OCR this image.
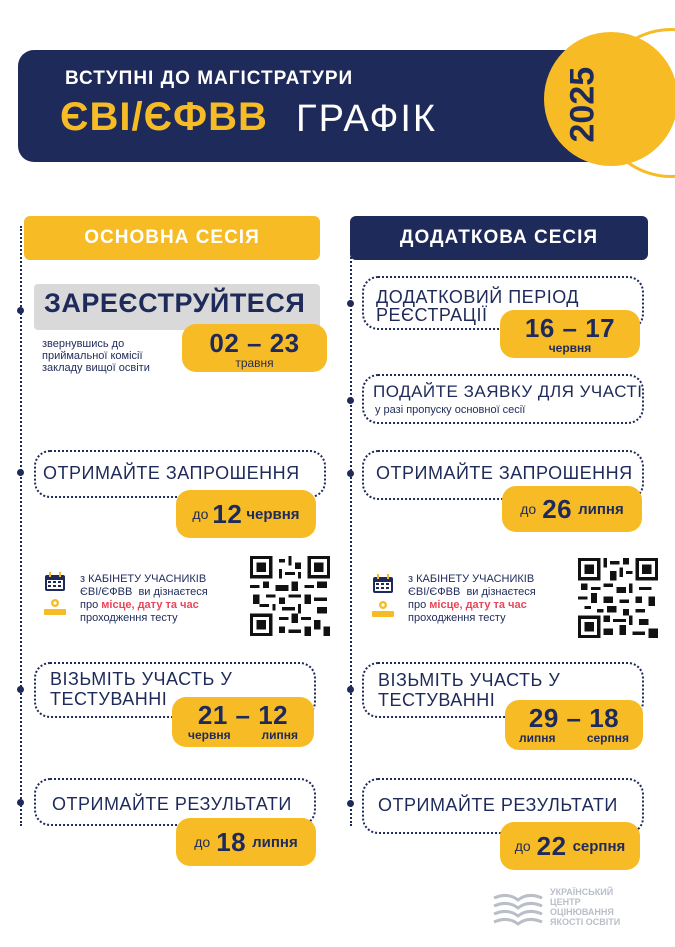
ВСТУПНІ ДО МАГІСТРАТУРИ
ЄВІ/ЄФВВ ГРАФІК	2025
ОСНОВНА СЕСІЯ	ДОДАТКОВА СЕСІЯ
ЗАРЕЄСТРУЙТЕСЯ
звернувшись до приймальної комісії закладу вищої освіти
02 – 23
травня
ОТРИМАЙТЕ ЗАПРОШЕННЯ
до 12 червня
з КАБІНЕТУ УЧАСНИКІВ
ЄВІ/ЄФВВ ви дізнаєтеся
про місце, дату та час
проходження тесту
ВІЗЬМІТЬ УЧАСТЬ У
ТЕСТУВАННІ
21 – 12
червня	липня
ОТРИМАЙТЕ РЕЗУЛЬТАТИ
до 18 липня
ДОДАТКОВИЙ ПЕРІОД
РЕЄСТРАЦІЇ	16 – 17
червня
ПОДАЙТЕ ЗАЯВКУ ДЛЯ УЧАСТІ
у разі пропуску основної сесії
ОТРИМАЙТЕ ЗАПРОШЕННЯ
до 26 липня
з КАБІНЕТУ УЧАСНИКІВ
ЄВІ/ЄФВВ ви дізнаєтеся
про місце, дату та час
проходження тесту
ВІЗЬМІТЬ УЧАСТЬ У
ТЕСТУВАННІ
29 – 18
липня	серпня
ОТРИМАЙТЕ РЕЗУЛЬТАТИ
до 22 серпня
УКРАЇНСЬКИЙ
ЦЕНТР
ОЦІНЮВАННЯ
ЯКОСТІ ОСВІТИ
